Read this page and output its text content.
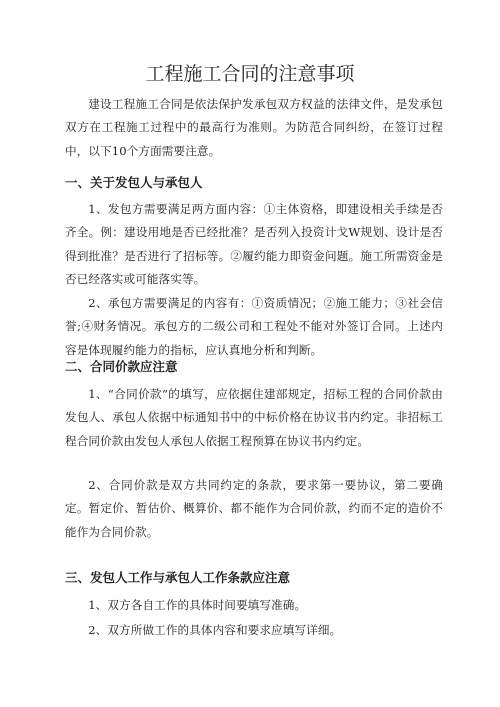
工程施工合同的注意事项

建设工程施工合同是依法保护发承包双方权益的法律文件，是发承包双方在工程施工过程中的最高行为准则。为防范合同纠纷，在签订过程中，以下10个方面需要注意。

一、关于发包人与承包人

1、发包方需要满足两方面内容：①主体资格，即建设相关手续是否齐全。例：建设用地是否已经批准？是否列入投资计戈W规划、设计是否得到批准？是否进行了招标等。②履约能力即资金问题。施工所需资金是否已经落实或可能落实等。

2、承包方需要满足的内容有：①资质情况；②施工能力；③社会信誉;④财务情况。承包方的二级公司和工程处不能对外签订合同。上述内容是体现履约能力的指标，应认真地分析和判断。

二、合同价款应注意

1、“合同价款”的填写，应依据住建部规定，招标工程的合同价款由发包人、承包人依据中标通知书中的中标价格在协议书内约定。非招标工程合同价款由发包人承包人依据工程预算在协议书内约定。

2、合同价款是双方共同约定的条款，要求第一要协议，第二要确定。暂定价、暂估价、概算价、都不能作为合同价款，约而不定的造价不能作为合同价款。

三、发包人工作与承包人工作条款应注意

1、双方各自工作的具体时间要填写准确。

2、双方所做工作的具体内容和要求应填写详细。
